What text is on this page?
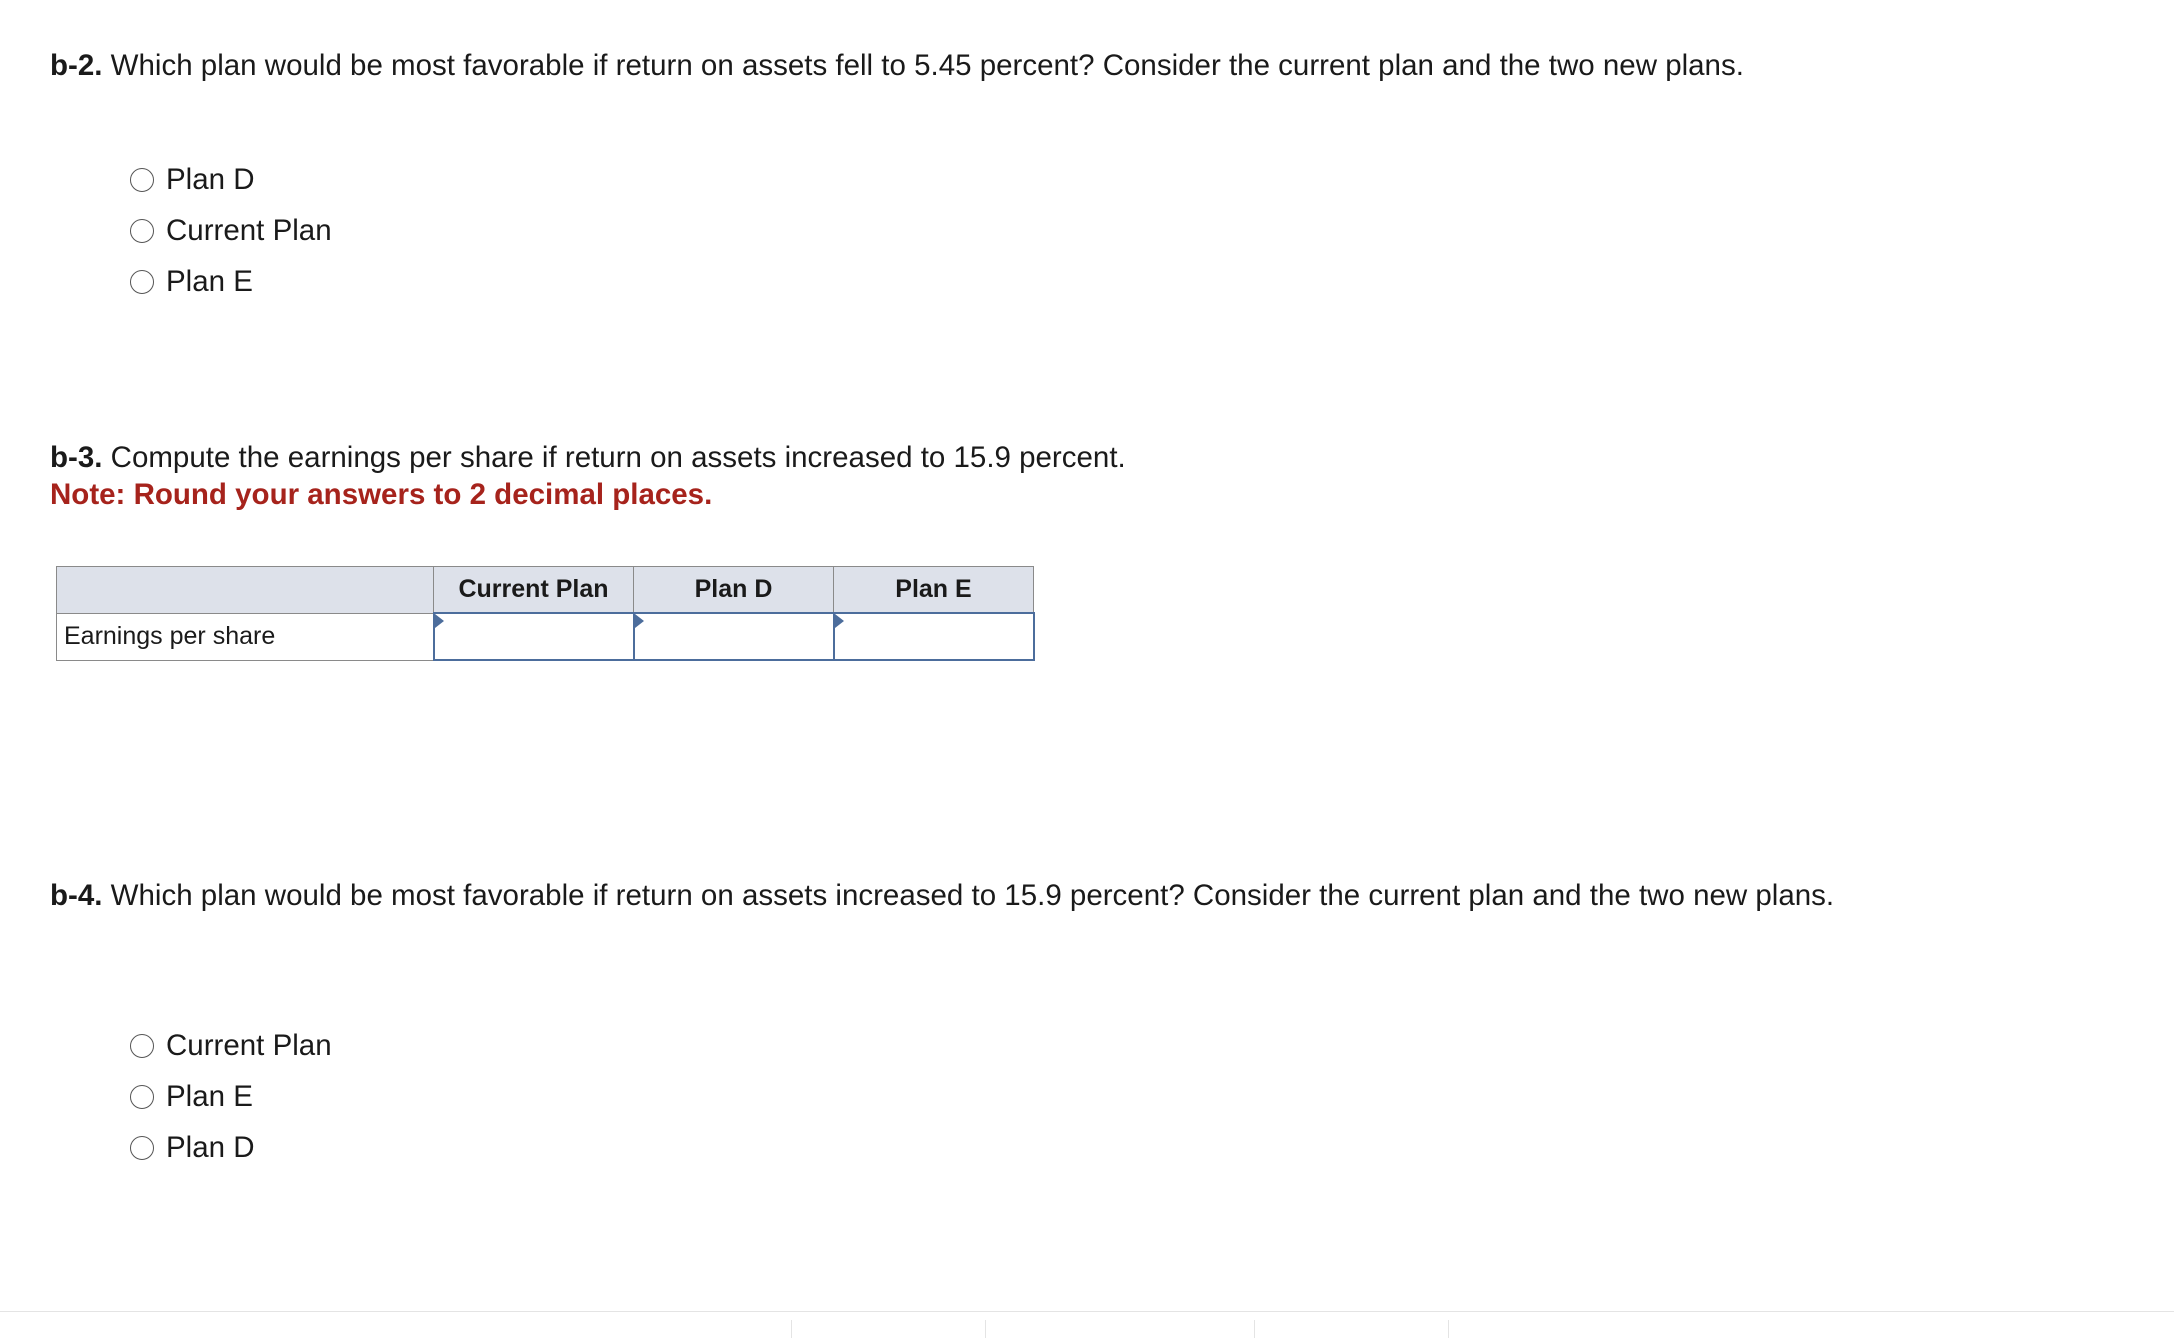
b-2. Which plan would be most favorable if return on assets fell to 5.45 percent? Consider the current plan and the two new plans.
Plan D
Current Plan
Plan E
b-3. Compute the earnings per share if return on assets increased to 15.9 percent.
Note: Round your answers to 2 decimal places.
	Current Plan	Plan D	Plan E
Earnings per share	

b-4. Which plan would be most favorable if return on assets increased to 15.9 percent? Consider the current plan and the two new plans.
Current Plan
Plan E
Plan D
